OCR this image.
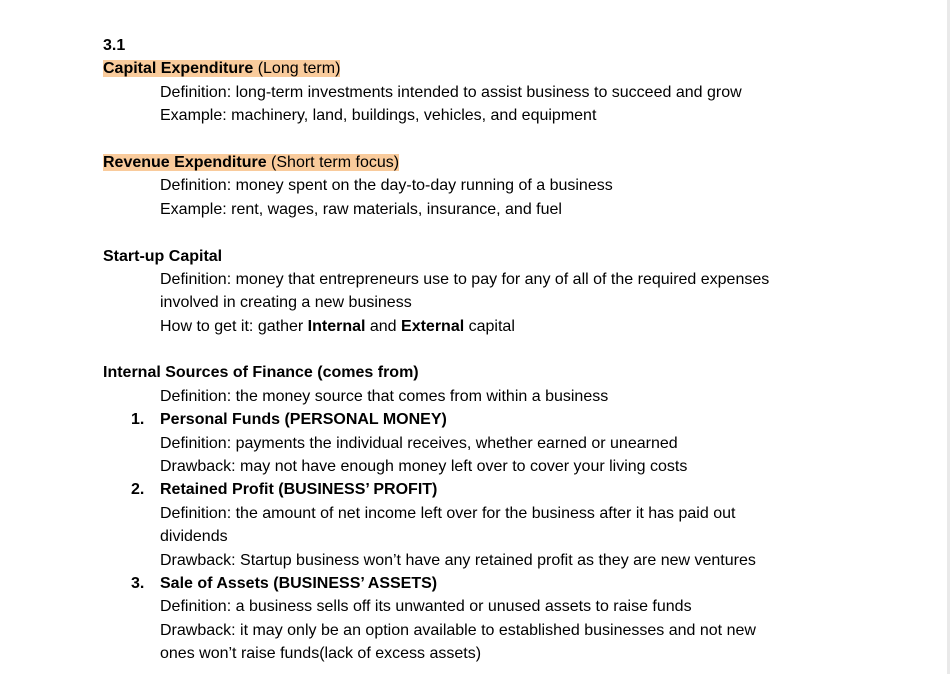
3.1
Capital Expenditure (Long term)
Definition: long-term investments intended to assist business to succeed and grow
Example: machinery, land, buildings, vehicles, and equipment
Revenue Expenditure (Short term focus)
Definition: money spent on the day-to-day running of a business
Example: rent, wages, raw materials, insurance, and fuel
Start-up Capital
Definition: money that entrepreneurs use to pay for any of all of the required expenses
involved in creating a new business
How to get it: gather Internal and External capital
Internal Sources of Finance (comes from)
Definition: the money source that comes from within a business
1. Personal Funds (PERSONAL MONEY)
Definition: payments the individual receives, whether earned or unearned
Drawback: may not have enough money left over to cover your living costs
2. Retained Profit (BUSINESS’ PROFIT)
Definition: the amount of net income left over for the business after it has paid out
dividends
Drawback: Startup business won’t have any retained profit as they are new ventures
3. Sale of Assets (BUSINESS’ ASSETS)
Definition: a business sells off its unwanted or unused assets to raise funds
Drawback: it may only be an option available to established businesses and not new
ones won’t raise funds(lack of excess assets)
